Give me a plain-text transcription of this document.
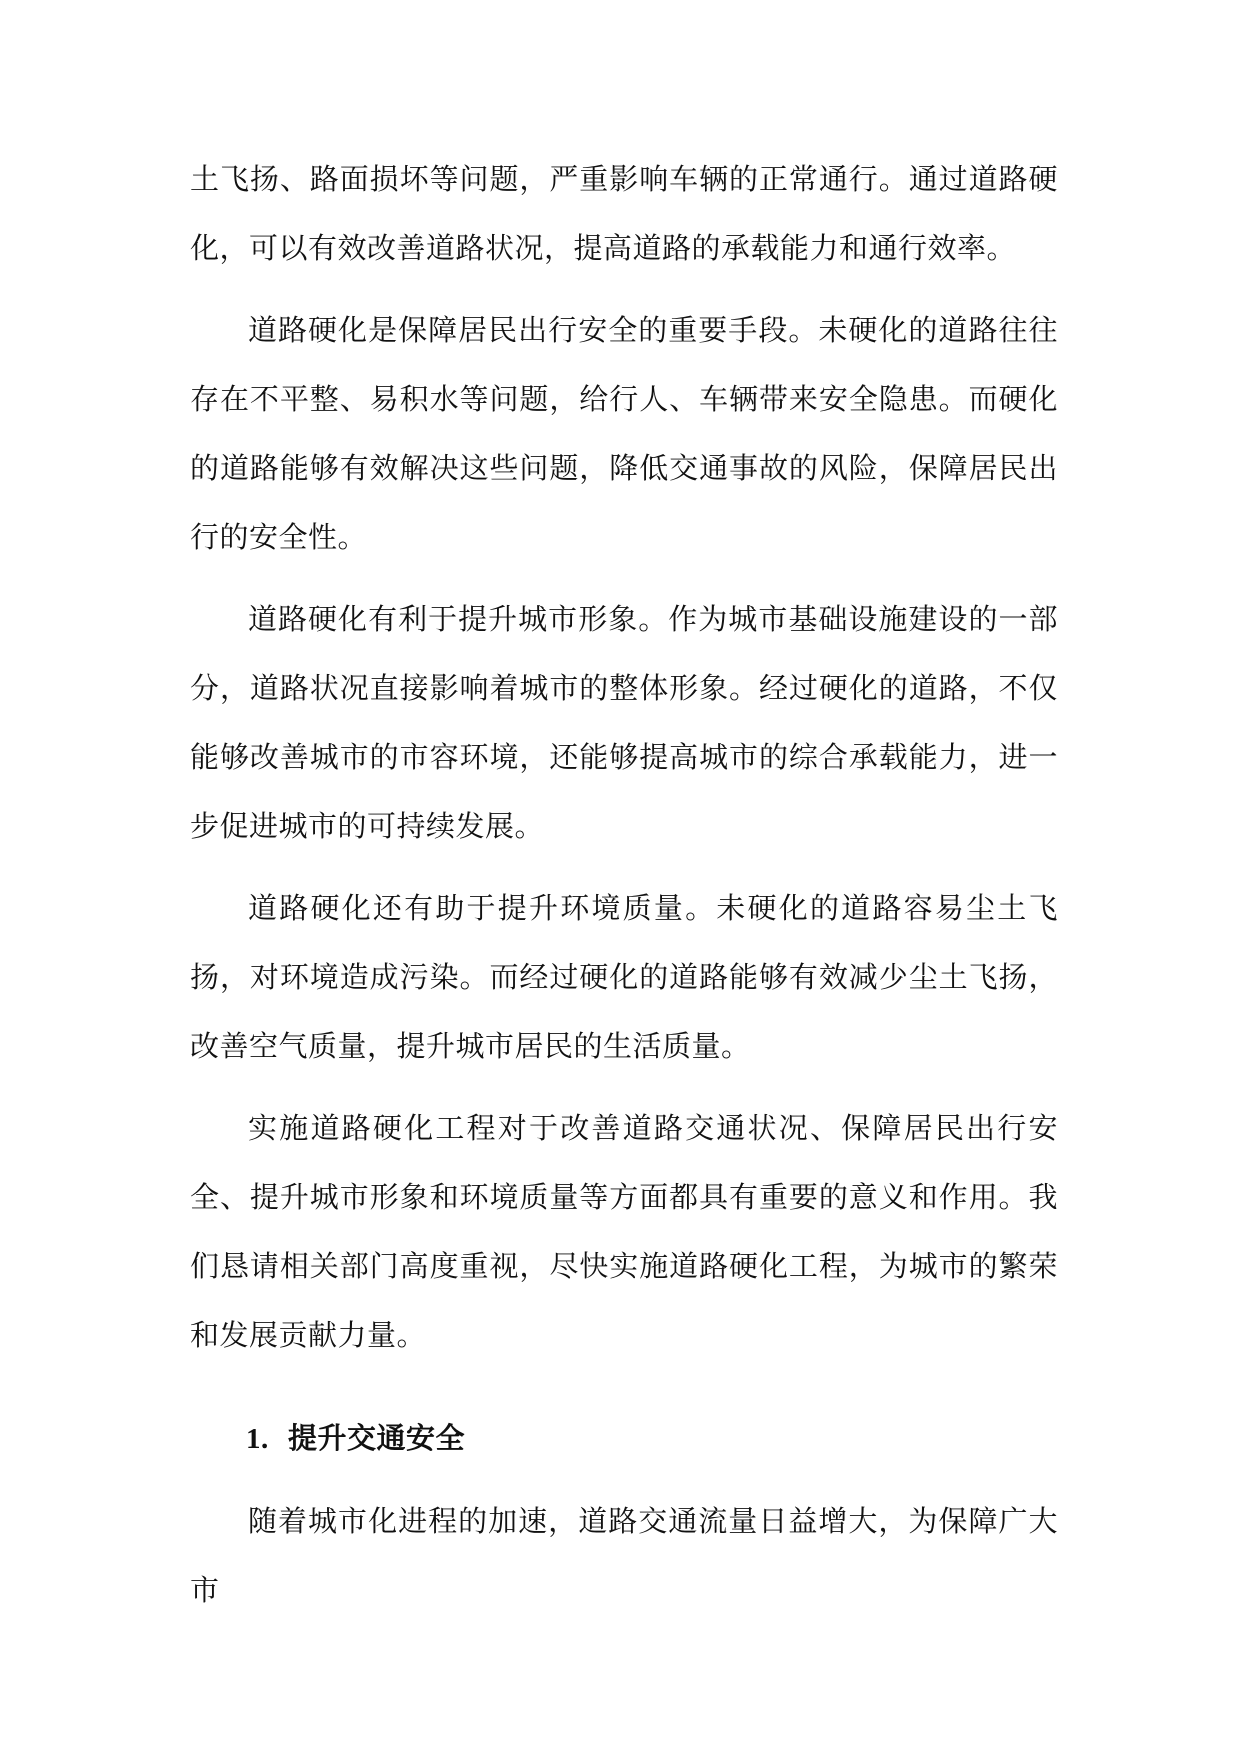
土飞扬、路面损坏等问题，严重影响车辆的正常通行。通过道路硬化，可以有效改善道路状况，提高道路的承载能力和通行效率。

道路硬化是保障居民出行安全的重要手段。未硬化的道路往往存在不平整、易积水等问题，给行人、车辆带来安全隐患。而硬化的道路能够有效解决这些问题，降低交通事故的风险，保障居民出行的安全性。

道路硬化有利于提升城市形象。作为城市基础设施建设的一部分，道路状况直接影响着城市的整体形象。经过硬化的道路，不仅能够改善城市的市容环境，还能够提高城市的综合承载能力，进一步促进城市的可持续发展。

道路硬化还有助于提升环境质量。未硬化的道路容易尘土飞扬，对环境造成污染。而经过硬化的道路能够有效减少尘土飞扬，改善空气质量，提升城市居民的生活质量。

实施道路硬化工程对于改善道路交通状况、保障居民出行安全、提升城市形象和环境质量等方面都具有重要的意义和作用。我们恳请相关部门高度重视，尽快实施道路硬化工程，为城市的繁荣和发展贡献力量。

1. 提升交通安全

随着城市化进程的加速，道路交通流量日益增大，为保障广大市
